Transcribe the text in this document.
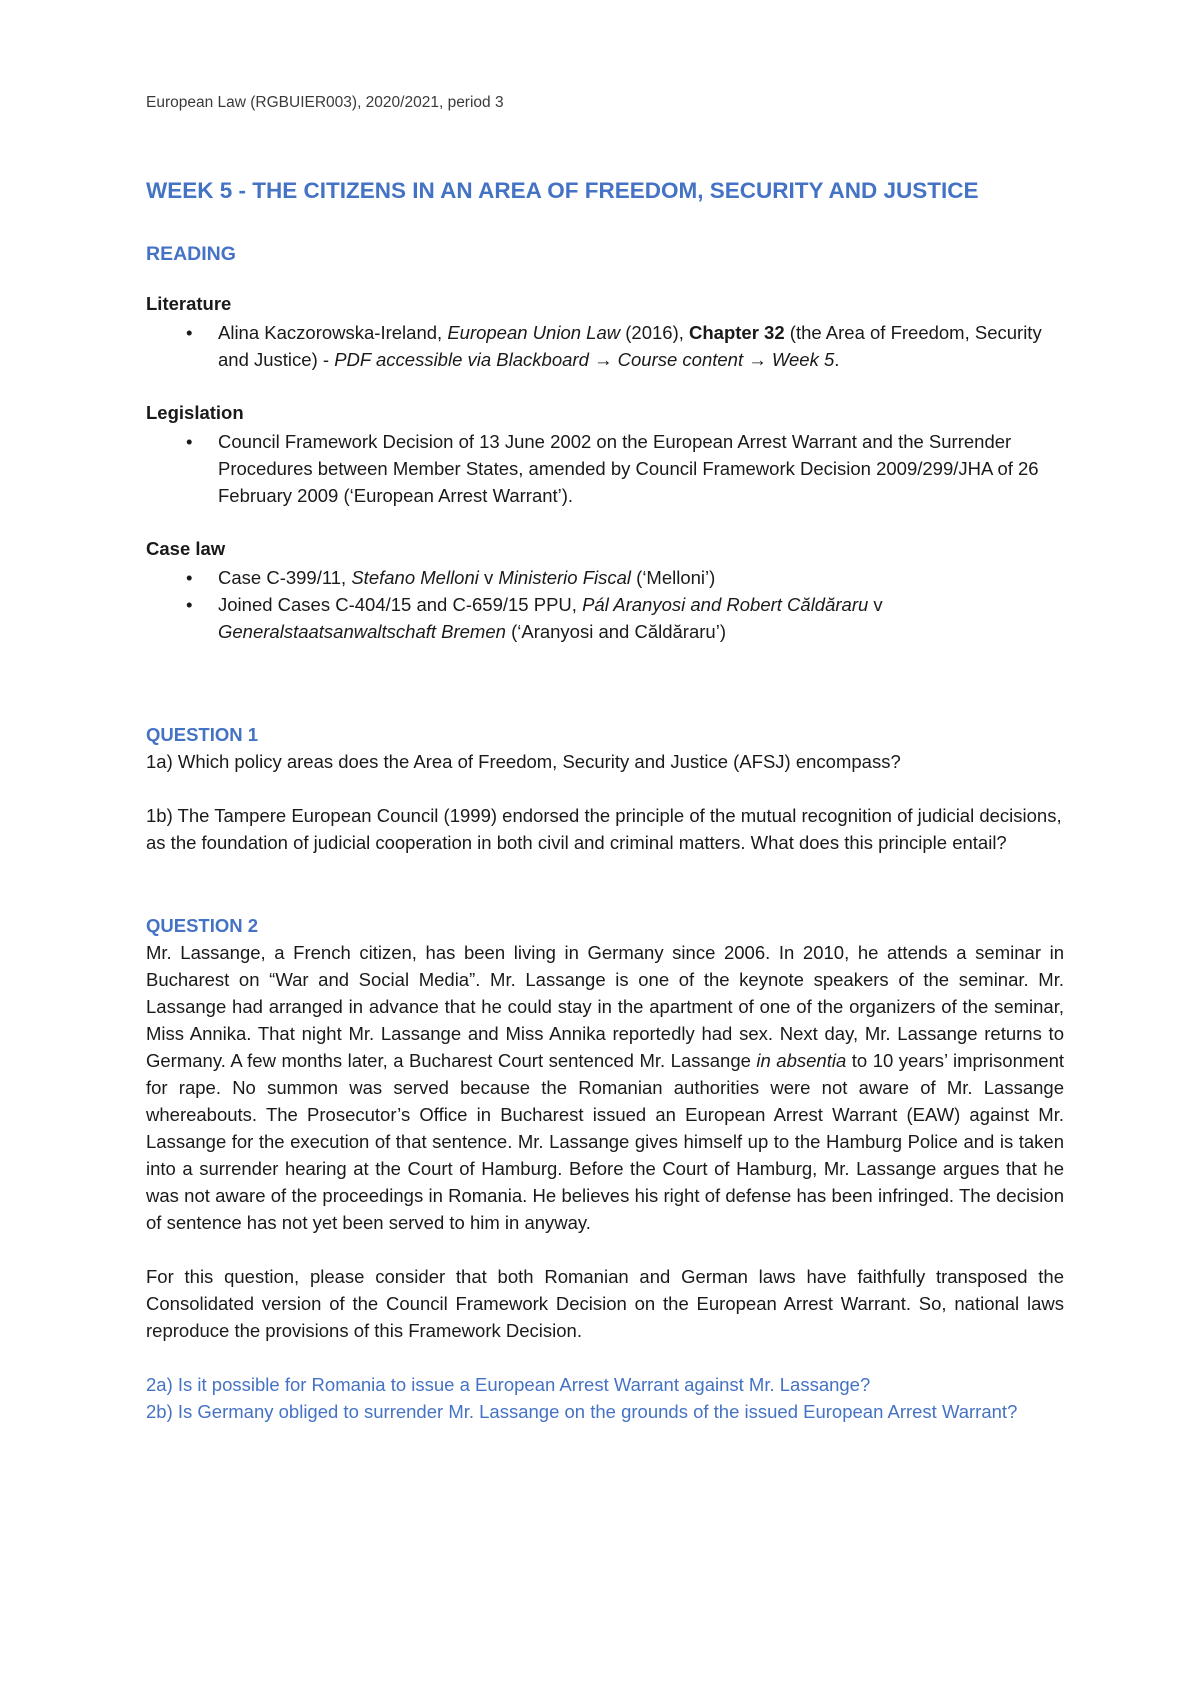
European Law (RGBUIER003), 2020/2021, period 3
WEEK 5 - THE CITIZENS IN AN AREA OF FREEDOM, SECURITY AND JUSTICE
READING
Literature
• Alina Kaczorowska-Ireland, European Union Law (2016), Chapter 32 (the Area of Freedom, Security and Justice) - PDF accessible via Blackboard → Course content → Week 5.
Legislation
• Council Framework Decision of 13 June 2002 on the European Arrest Warrant and the Surrender Procedures between Member States, amended by Council Framework Decision 2009/299/JHA of 26 February 2009 (‘European Arrest Warrant’).
Case law
• Case C-399/11, Stefano Melloni v Ministerio Fiscal (‘Melloni’)
• Joined Cases C-404/15 and C-659/15 PPU, Pál Aranyosi and Robert Căldăraru v Generalstaatsanwaltschaft Bremen (‘Aranyosi and Căldăraru’)
QUESTION 1

1a) Which policy areas does the Area of Freedom, Security and Justice (AFSJ) encompass?

1b) The Tampere European Council (1999) endorsed the principle of the mutual recognition of judicial decisions, as the foundation of judicial cooperation in both civil and criminal matters. What does this principle entail?

QUESTION 2

Mr. Lassange, a French citizen, has been living in Germany since 2006. In 2010, he attends a seminar in Bucharest on “War and Social Media”. Mr. Lassange is one of the keynote speakers of the seminar. Mr. Lassange had arranged in advance that he could stay in the apartment of one of the organizers of the seminar, Miss Annika. That night Mr. Lassange and Miss Annika reportedly had sex. Next day, Mr. Lassange returns to Germany. A few months later, a Bucharest Court sentenced Mr. Lassange in absentia to 10 years’ imprisonment for rape. No summon was served because the Romanian authorities were not aware of Mr. Lassange whereabouts. The Prosecutor’s Office in Bucharest issued an European Arrest Warrant (EAW) against Mr. Lassange for the execution of that sentence. Mr. Lassange gives himself up to the Hamburg Police and is taken into a surrender hearing at the Court of Hamburg. Before the Court of Hamburg, Mr. Lassange argues that he was not aware of the proceedings in Romania. He believes his right of defense has been infringed. The decision of sentence has not yet been served to him in anyway.

For this question, please consider that both Romanian and German laws have faithfully transposed the Consolidated version of the Council Framework Decision on the European Arrest Warrant. So, national laws reproduce the provisions of this Framework Decision.

2a) Is it possible for Romania to issue a European Arrest Warrant against Mr. Lassange?

2b) Is Germany obliged to surrender Mr. Lassange on the grounds of the issued European Arrest Warrant?
